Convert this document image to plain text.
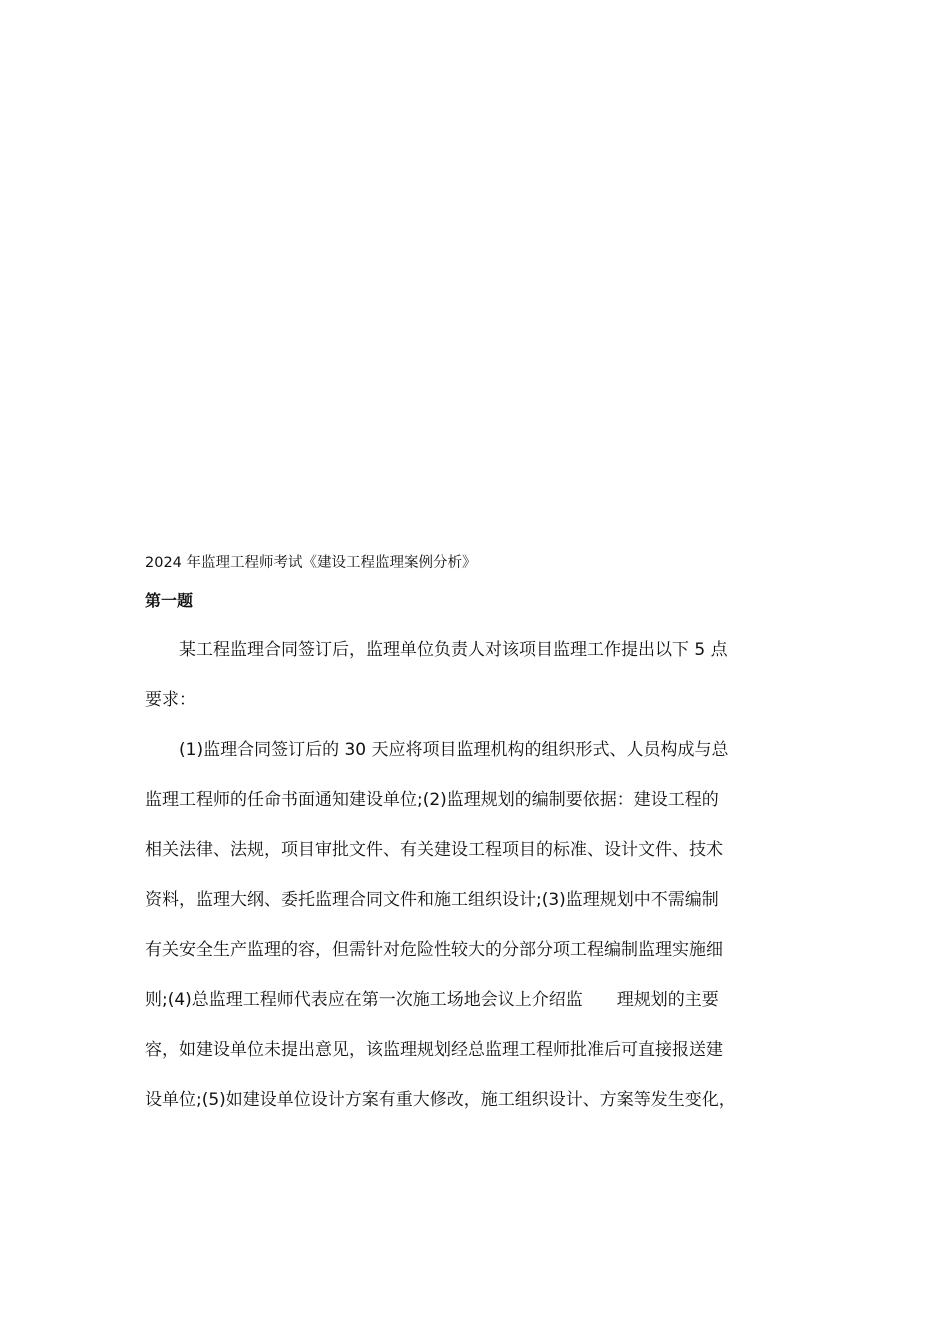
2024 年监理工程师考试《建设工程监理案例分析》

第一题

　　某工程监理合同签订后，监理单位负责人对该项目监理工作提出以下 5 点

要求：

　　(1)监理合同签订后的 30 天应将项目监理机构的组织形式、人员构成与总

监理工程师的任命书面通知建设单位;(2)监理规划的编制要依据：建设工程的

相关法律、法规，项目审批文件、有关建设工程项目的标准、设计文件、技术

资料，监理大纲、委托监理合同文件和施工组织设计;(3)监理规划中不需编制

有关安全生产监理的容，但需针对危险性较大的分部分项工程编制监理实施细

则;(4)总监理工程师代表应在第一次施工场地会议上介绍监　　理规划的主要

容，如建设单位未提出意见，该监理规划经总监理工程师批准后可直接报送建

设单位;(5)如建设单位设计方案有重大修改，施工组织设计、方案等发生变化，
